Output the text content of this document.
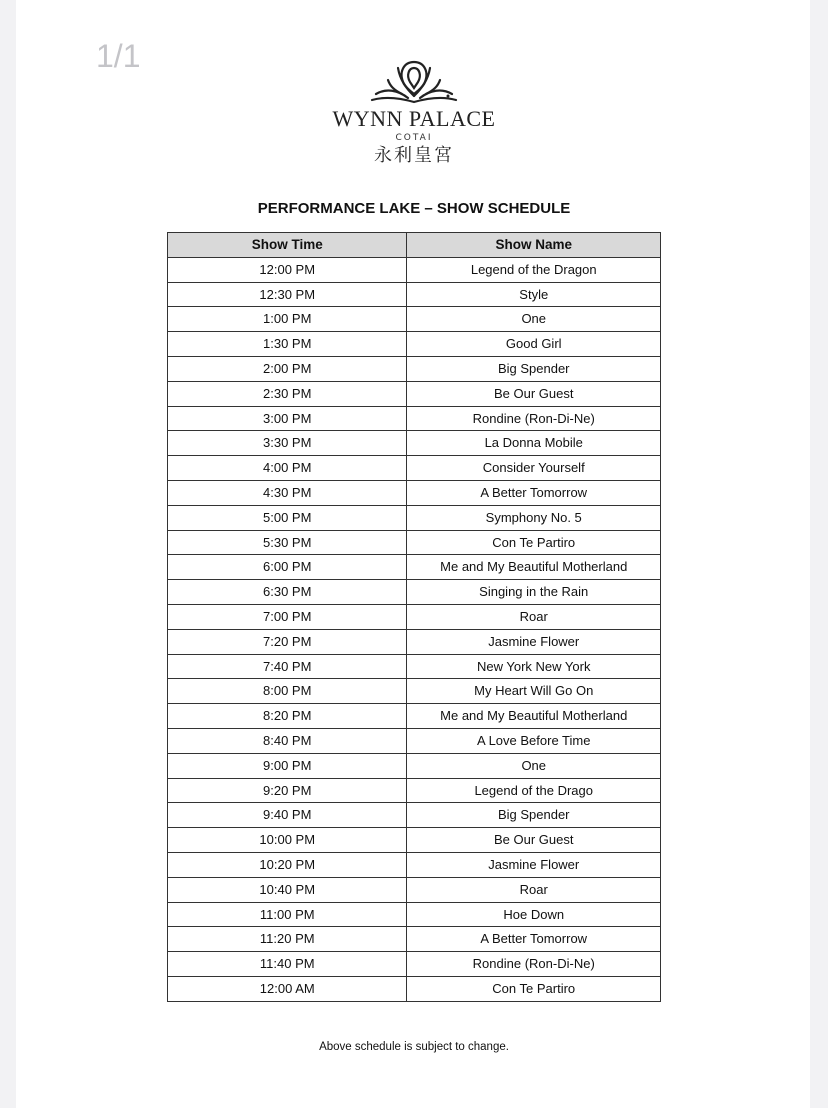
1/1
WYNN PALACE
COTAI
永利皇宮
PERFORMANCE LAKE – SHOW SCHEDULE
Show Time	Show Name
12:00 PM	Legend of the Dragon
12:30 PM	Style
1:00 PM	One
1:30 PM	Good Girl
2:00 PM	Big Spender
2:30 PM	Be Our Guest
3:00 PM	Rondine (Ron-Di-Ne)
3:30 PM	La Donna Mobile
4:00 PM	Consider Yourself
4:30 PM	A Better Tomorrow
5:00 PM	Symphony No. 5
5:30 PM	Con Te Partiro
6:00 PM	Me and My Beautiful Motherland
6:30 PM	Singing in the Rain
7:00 PM	Roar
7:20 PM	Jasmine Flower
7:40 PM	New York New York
8:00 PM	My Heart Will Go On
8:20 PM	Me and My Beautiful Motherland
8:40 PM	A Love Before Time
9:00 PM	One
9:20 PM	Legend of the Drago
9:40 PM	Big Spender
10:00 PM	Be Our Guest
10:20 PM	Jasmine Flower
10:40 PM	Roar
11:00 PM	Hoe Down
11:20 PM	A Better Tomorrow
11:40 PM	Rondine (Ron-Di-Ne)
12:00 AM	Con Te Partiro
Above schedule is subject to change.
